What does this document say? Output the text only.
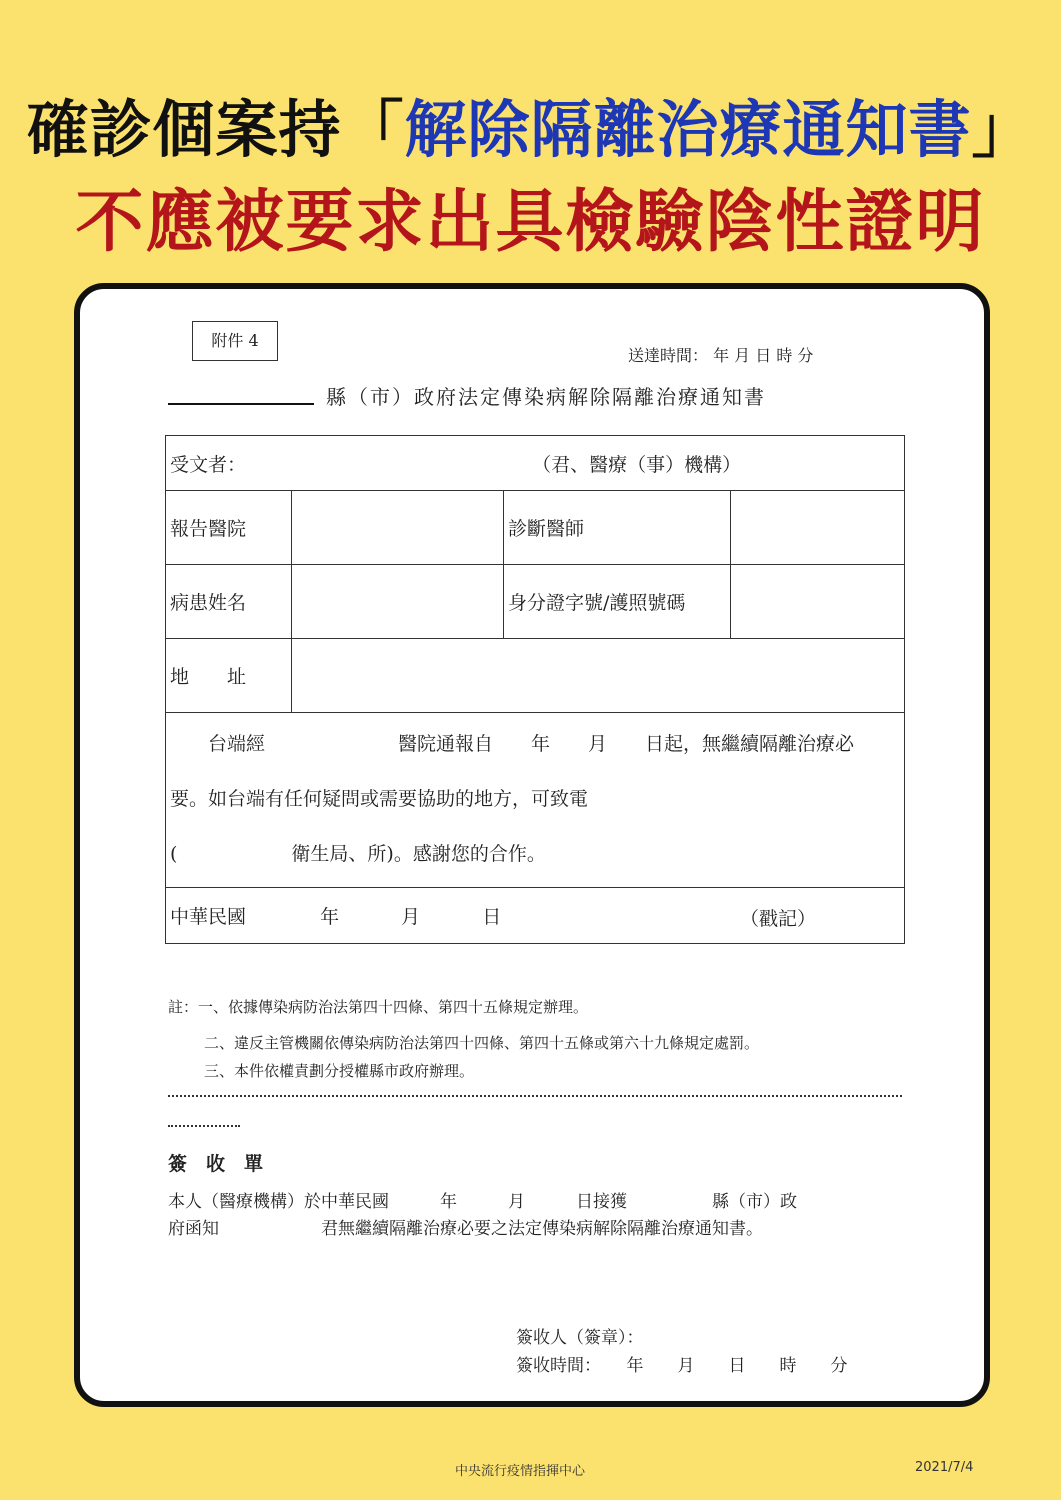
確診個案持「解除隔離治療通知書」
不應被要求出具檢驗陰性證明
附件 4
送達時間： 年 月 日 時 分
縣（市）政府法定傳染病解除隔離治療通知書
受文者： （君、醫療（事）機構）			
報告醫院		診斷醫師	
病患姓名		身分證字號/護照號碼	
地　　址			

　　台端經　　　　　　　醫院通報自　　年　　月　　日起，無繼續隔離治療必
要。如台端有任何疑問或需要協助的地方，可致電
(　　　　　　衛生局、所)。感謝您的合作。			

中華民國 年 月 日 （戳記）			
註：一、依據傳染病防治法第四十四條、第四十五條規定辦理。
二、違反主管機關依傳染病防治法第四十四條、第四十五條或第六十九條規定處罰。
三、本件依權責劃分授權縣市政府辦理。
簽　收　單
本人（醫療機構）於中華民國　　　年　　　月　　　日接獲　　　　　縣（市）政
府函知　　　　　　君無繼續隔離治療必要之法定傳染病解除隔離治療通知書。
簽收人（簽章）：
簽收時間：　　年　　月　　日　　時　　分
中央流行疫情指揮中心	2021/7/4
